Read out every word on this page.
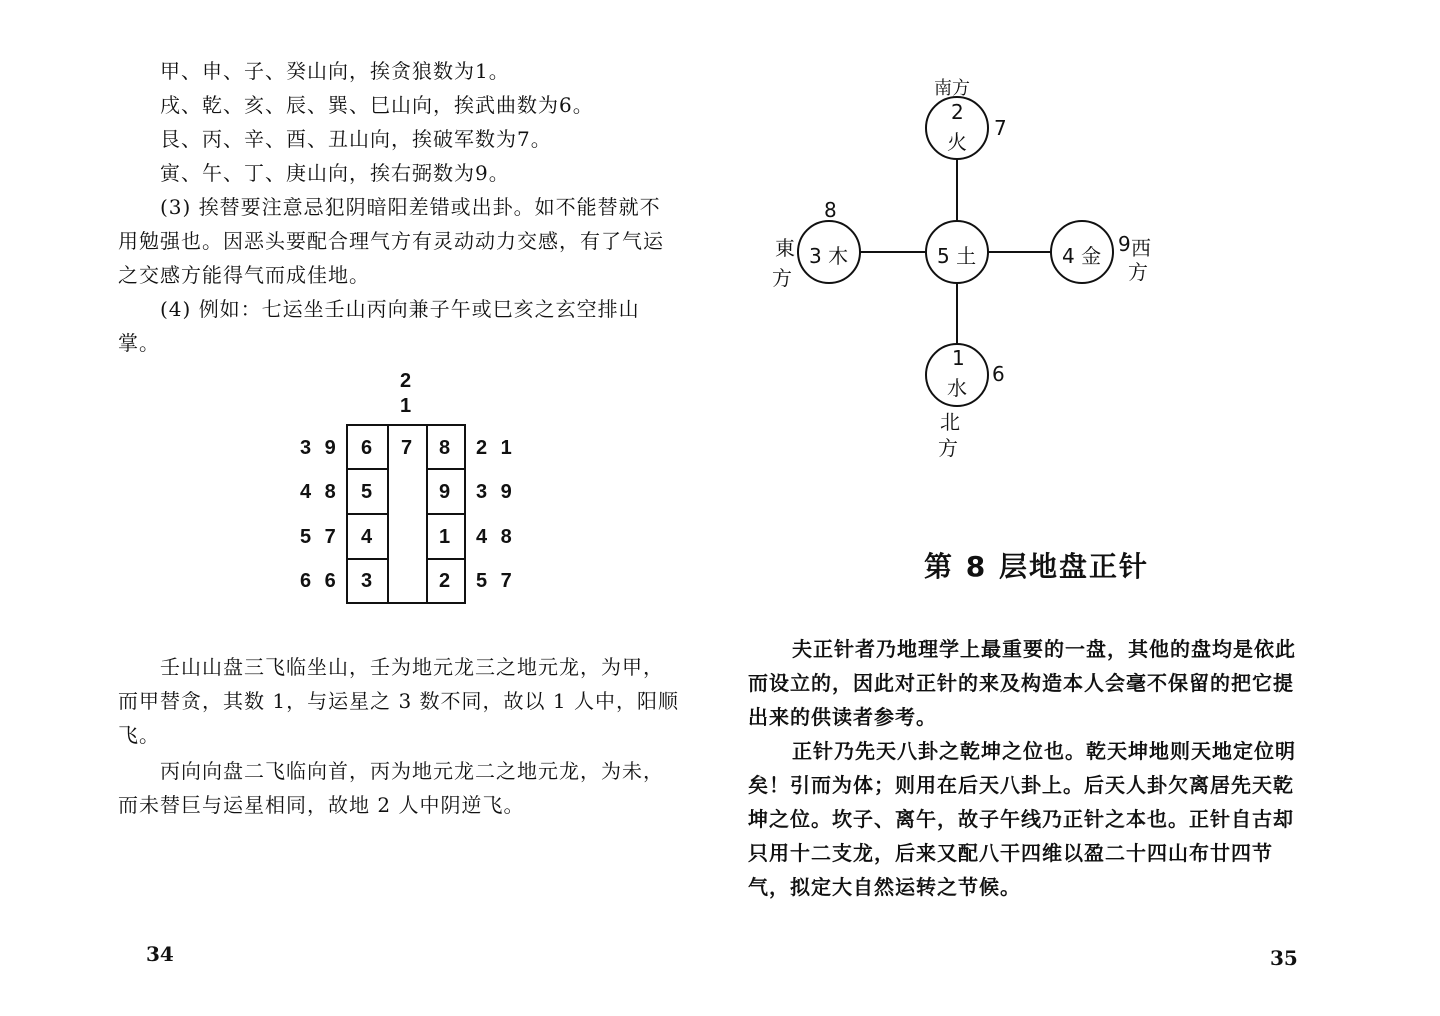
甲、申、子、癸山向，挨贪狼数为1。
戌、乾、亥、辰、巽、巳山向，挨武曲数为6。
艮、丙、辛、酉、丑山向，挨破军数为7。
寅、午、丁、庚山向，挨右弼数为9。
(3) 挨替要注意忌犯阴暗阳差错或出卦。如不能替就不
用勉强也。因恶头要配合理气方有灵动动力交感，有了气运
之交感方能得气而成佳地。
(4) 例如：七运坐壬山丙向兼子午或巳亥之玄空排山
掌。
2
1
6 7 8
5
4
3
9
1
2
3 9
4 8
5 7
6 6
2 1
3 9
4 8
5 7
壬山山盘三飞临坐山，壬为地元龙三之地元龙，为甲，
而甲替贪，其数 1，与运星之 3 数不同，故以 1 人中，阳顺
飞。
丙向向盘二飞临向首，丙为地元龙二之地元龙，为未，
而未替巨与运星相同，故地 2 人中阴逆飞。
34
南方
2
火
7
8
東
方
3 木	5 土	4 金 9 西
方
1
水
6
北
方
第 8 层地盘正针
夫正针者乃地理学上最重要的一盘，其他的盘均是依此
而设立的，因此对正针的来及构造本人会毫不保留的把它提
出来的供读者参考。
正针乃先天八卦之乾坤之位也。乾天坤地则天地定位明
矣！引而为体；则用在后天八卦上。后天人卦欠离居先天乾
坤之位。坎子、离午，故子午线乃正针之本也。正针自古却
只用十二支龙，后来又配八干四维以盈二十四山布廿四节
气，拟定大自然运转之节候。
35
